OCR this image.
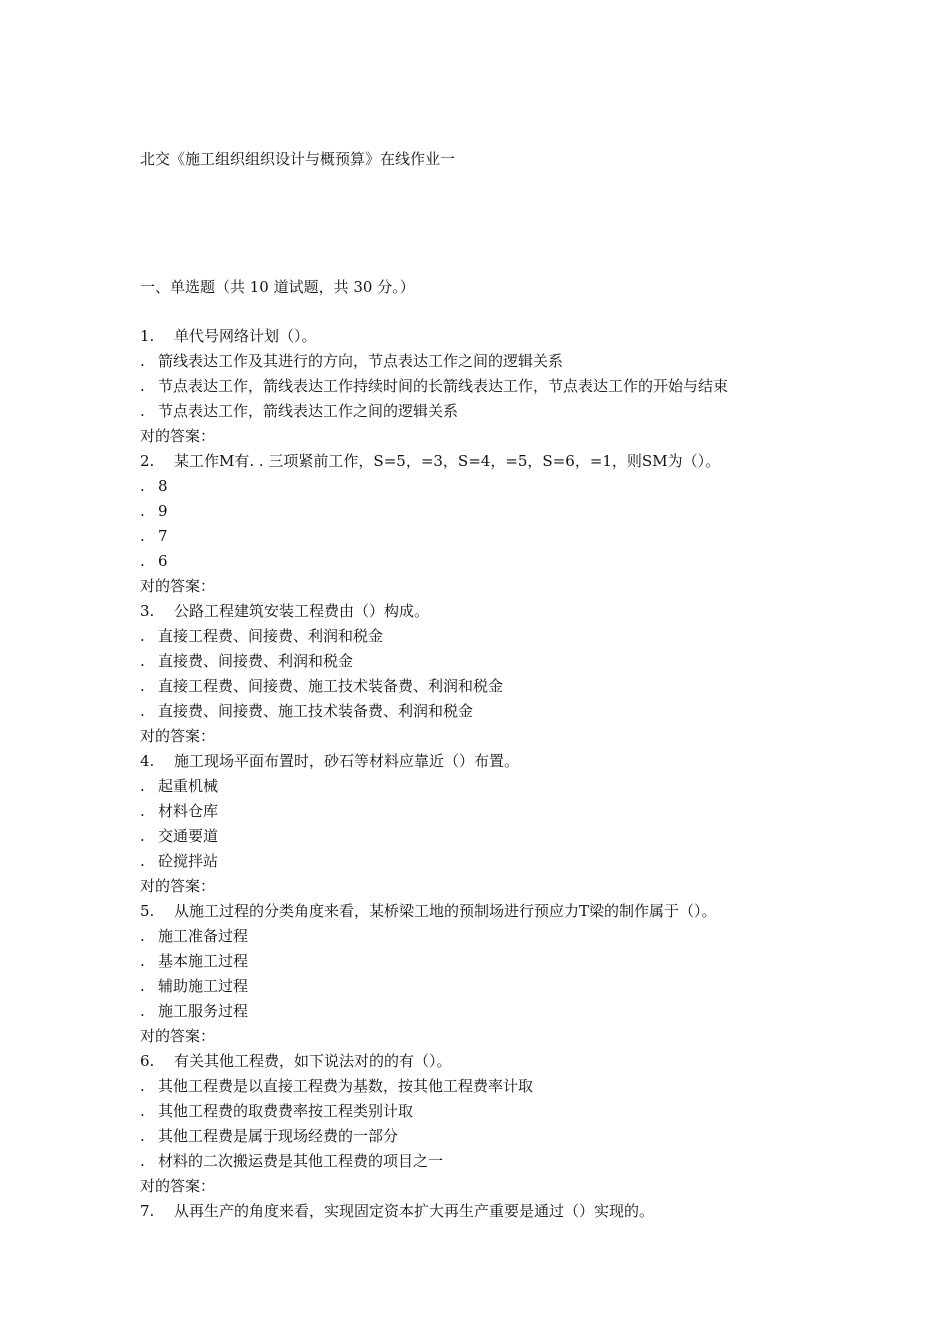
北交《施工组织组织设计与概预算》在线作业一
一、单选题（共 10 道试题，共 30 分。）
1. 单代号网络计划（）。
. 箭线表达工作及其进行的方向，节点表达工作之间的逻辑关系
. 节点表达工作，箭线表达工作持续时间的长箭线表达工作，节点表达工作的开始与结束
. 节点表达工作，箭线表达工作之间的逻辑关系
对的答案：
2. 某工作M有. . 三项紧前工作，S=5，=3，S=4，=5，S=6，=1，则SM为（）。
. 8
. 9
. 7
. 6
对的答案：
3. 公路工程建筑安装工程费由（）构成。
. 直接工程费、间接费、利润和税金
. 直接费、间接费、利润和税金
. 直接工程费、间接费、施工技术装备费、利润和税金
. 直接费、间接费、施工技术装备费、利润和税金
对的答案：
4. 施工现场平面布置时，砂石等材料应靠近（）布置。
. 起重机械
. 材料仓库
. 交通要道
. 砼搅拌站
对的答案：
5. 从施工过程的分类角度来看，某桥梁工地的预制场进行预应力T梁的制作属于（）。
. 施工准备过程
. 基本施工过程
. 辅助施工过程
. 施工服务过程
对的答案：
6. 有关其他工程费，如下说法对的的有（）。
. 其他工程费是以直接工程费为基数，按其他工程费率计取
. 其他工程费的取费费率按工程类别计取
. 其他工程费是属于现场经费的一部分
. 材料的二次搬运费是其他工程费的项目之一
对的答案：
7. 从再生产的角度来看，实现固定资本扩大再生产重要是通过（）实现的。
